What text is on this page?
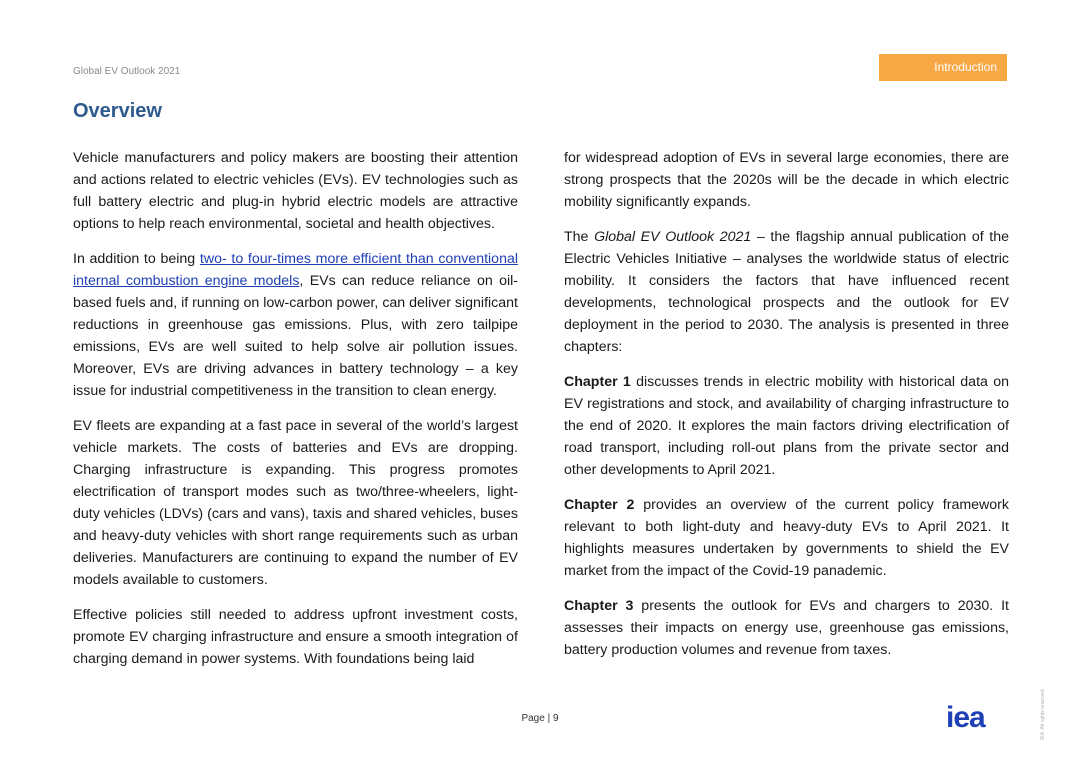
Global EV Outlook 2021	Introduction
Overview

Vehicle manufacturers and policy makers are boosting their attention and actions related to electric vehicles (EVs). EV technologies such as full battery electric and plug-in hybrid electric models are attractive options to help reach environmental, societal and health objectives.

In addition to being two- to four-times more efficient than conventional internal combustion engine models, EVs can reduce reliance on oil-based fuels and, if running on low-carbon power, can deliver significant reductions in greenhouse gas emissions. Plus, with zero tailpipe emissions, EVs are well suited to help solve air pollution issues. Moreover, EVs are driving advances in battery technology – a key issue for industrial competitiveness in the transition to clean energy.

EV fleets are expanding at a fast pace in several of the world’s largest vehicle markets. The costs of batteries and EVs are dropping. Charging infrastructure is expanding. This progress promotes electrification of transport modes such as two/three-wheelers, light-duty vehicles (LDVs) (cars and vans), taxis and shared vehicles, buses and heavy-duty vehicles with short range requirements such as urban deliveries. Manufacturers are continuing to expand the number of EV models available to customers.

Effective policies still needed to address upfront investment costs, promote EV charging infrastructure and ensure a smooth integration of charging demand in power systems. With foundations being laid

for widespread adoption of EVs in several large economies, there are strong prospects that the 2020s will be the decade in which electric mobility significantly expands.

The Global EV Outlook 2021 – the flagship annual publication of the Electric Vehicles Initiative – analyses the worldwide status of electric mobility. It considers the factors that have influenced recent developments, technological prospects and the outlook for EV deployment in the period to 2030. The analysis is presented in three chapters:

Chapter 1 discusses trends in electric mobility with historical data on EV registrations and stock, and availability of charging infrastructure to the end of 2020. It explores the main factors driving electrification of road transport, including roll-out plans from the private sector and other developments to April 2021.

Chapter 2 provides an overview of the current policy framework relevant to both light-duty and heavy-duty EVs to April 2021. It highlights measures undertaken by governments to shield the EV market from the impact of the Covid-19 panademic.

Chapter 3 presents the outlook for EVs and chargers to 2030. It assesses their impacts on energy use, greenhouse gas emissions, battery production volumes and revenue from taxes.

Page | 9	iea	IEA. All rights reserved.
